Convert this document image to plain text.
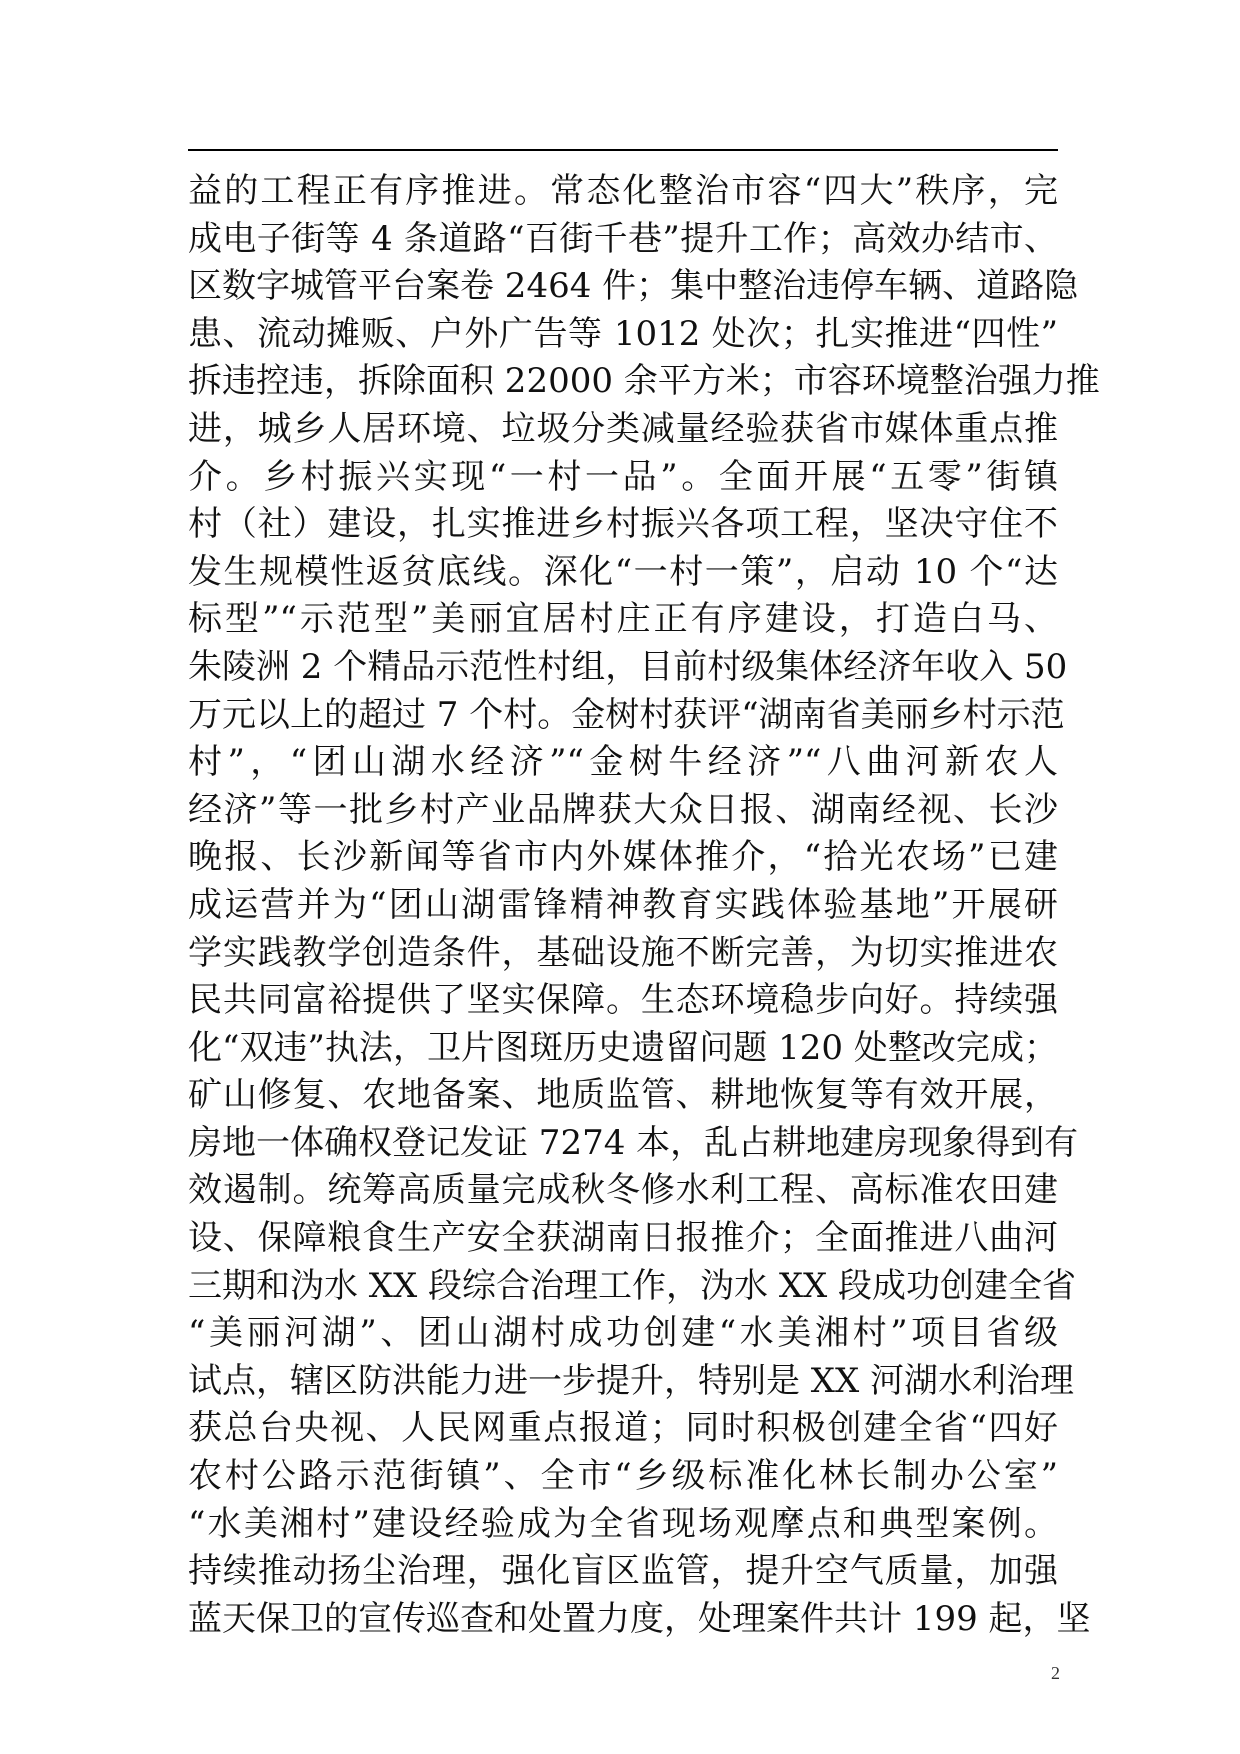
益的工程正有序推进。常态化整治市容“四大”秩序，完
成电子街等 4 条道路“百街千巷”提升工作；高效办结市、
区数字城管平台案卷 2464 件；集中整治违停车辆、道路隐
患、流动摊贩、户外广告等 1012 处次；扎实推进“四性”
拆违控违，拆除面积 22000 余平方米；市容环境整治强力推
进，城乡人居环境、垃圾分类减量经验获省市媒体重点推
介。乡村振兴实现“一村一品”。全面开展“五零”街镇
村（社）建设，扎实推进乡村振兴各项工程，坚决守住不
发生规模性返贫底线。深化“一村一策”，启动 10 个“达
标型”“示范型”美丽宜居村庄正有序建设，打造白马、
朱陵洲 2 个精品示范性村组，目前村级集体经济年收入 50
万元以上的超过 7 个村。金树村获评“湖南省美丽乡村示范
村”，“团山湖水经济”“金树牛经济”“八曲河新农人
经济”等一批乡村产业品牌获大众日报、湖南经视、长沙
晚报、长沙新闻等省市内外媒体推介，“拾光农场”已建
成运营并为“团山湖雷锋精神教育实践体验基地”开展研
学实践教学创造条件，基础设施不断完善，为切实推进农
民共同富裕提供了坚实保障。生态环境稳步向好。持续强
化“双违”执法，卫片图斑历史遗留问题 120 处整改完成；
矿山修复、农地备案、地质监管、耕地恢复等有效开展，
房地一体确权登记发证 7274 本，乱占耕地建房现象得到有
效遏制。统筹高质量完成秋冬修水利工程、高标准农田建
设、保障粮食生产安全获湖南日报推介；全面推进八曲河
三期和沩水 XX 段综合治理工作，沩水 XX 段成功创建全省
“美丽河湖”、团山湖村成功创建“水美湘村”项目省级
试点，辖区防洪能力进一步提升，特别是 XX 河湖水利治理
获总台央视、人民网重点报道；同时积极创建全省“四好
农村公路示范街镇”、全市“乡级标准化林长制办公室”
“水美湘村”建设经验成为全省现场观摩点和典型案例。
持续推动扬尘治理，强化盲区监管，提升空气质量，加强
蓝天保卫的宣传巡查和处置力度，处理案件共计 199 起，坚
2
